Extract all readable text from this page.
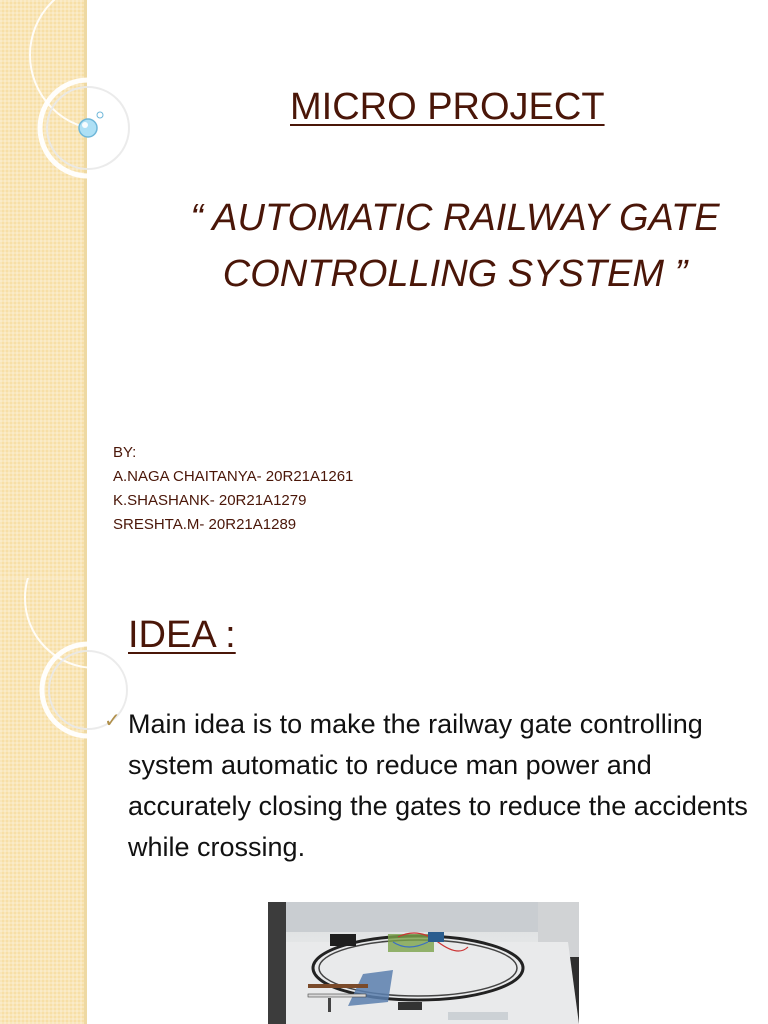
MICRO PROJECT
“ AUTOMATIC RAILWAY GATE
CONTROLLING SYSTEM ”
BY:
A.NAGA CHAITANYA- 20R21A1261
K.SHASHANK- 20R21A1279
SRESHTA.M- 20R21A1289
IDEA :
✓ Main idea is to make the railway gate controlling system automatic to reduce man power and accurately closing the gates to reduce the accidents while crossing.
